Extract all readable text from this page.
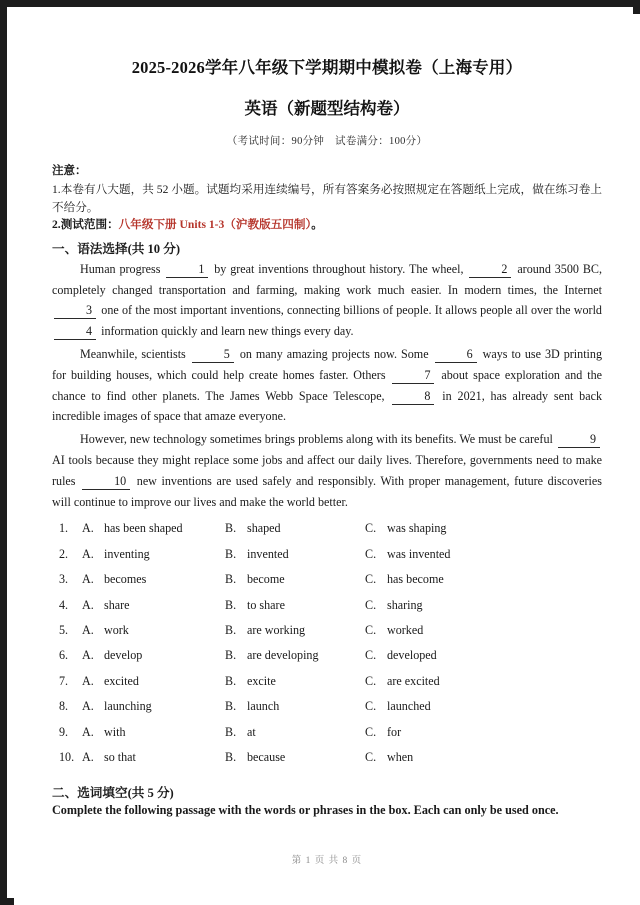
2025-2026学年八年级下学期期中模拟卷（上海专用）
英语（新题型结构卷）
（考试时间：90分钟　试卷满分：100分）
注意：

1.本卷有八大题，共 52 小题。试题均采用连续编号，所有答案务必按照规定在答题纸上完成，做在练习卷上不给分。

2.测试范围：八年级下册 Units 1-3（沪教版五四制）。

一、语法选择(共 10 分)

Human progress	1 by great inventions throughout history. The wheel,	2 around 3500 BC, completely changed transportation and farming, making work much easier. In modern times, the Internet 3 one of the most important inventions, connecting billions of people. It allows people all over the world 4 information quickly and learn new things every day.

Meanwhile, scientists	5 on many amazing projects now. Some	6 ways to use 3D printing for building houses, which could help create homes faster. Others	7 about space exploration and the chance to find other planets. The James Webb Space Telescope,	8 in 2021, has already sent back incredible images of space that amaze everyone.

However, new technology sometimes brings problems along with its benefits. We must be careful	9 AI tools because they might replace some jobs and affect our daily lives. Therefore, governments need to make rules	10 new inventions are used safely and responsibly. With proper management, future discoveries will continue to improve our lives and make the world better.

1.	A. has been shaped	B. shaped	C. was shaping
2.	A. inventing	B. invented	C. was invented
3.	A. becomes	B. become	C. has become
4.	A. share	B. to share	C. sharing
5.	A. work	B. are working	C. worked
6.	A. develop	B. are developing	C. developed
7.	A. excited	B. excite	C. are excited
8.	A. launching	B. launch	C. launched
9.	A. with	B. at	C. for
10. A. so that	B. because	C. when
二、选词填空(共 5 分)
Complete the following passage with the words or phrases in the box. Each can only be used once.
第 1 页 共 8 页
